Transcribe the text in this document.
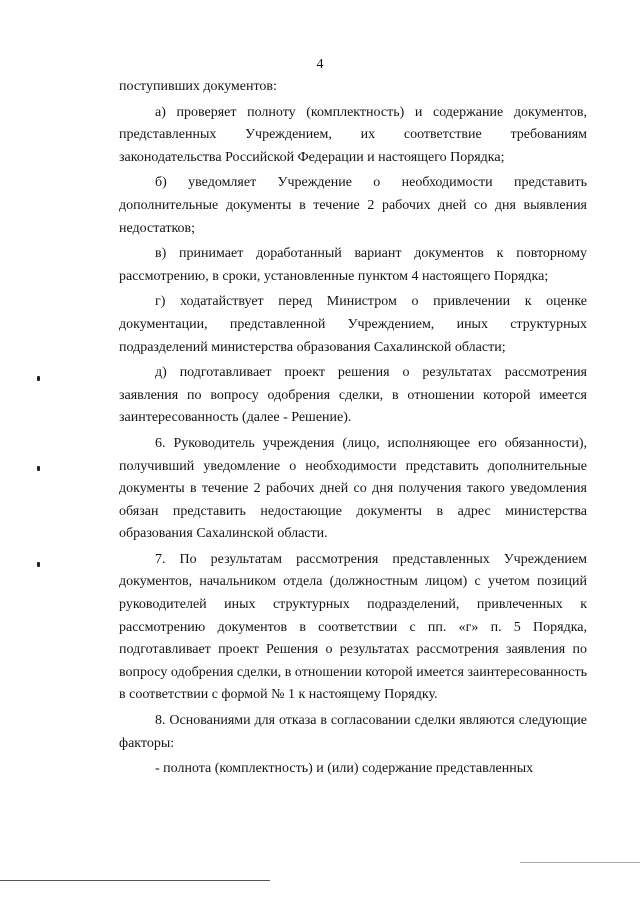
4

поступивших документов:

а) проверяет полноту (комплектность) и содержание документов, представленных Учреждением, их соответствие требованиям законодательства Российской Федерации и настоящего Порядка;

б) уведомляет Учреждение о необходимости представить дополнительные документы в течение 2 рабочих дней со дня выявления недостатков;

в) принимает доработанный вариант документов к повторному рассмотрению, в сроки, установленные пунктом 4 настоящего Порядка;

г) ходатайствует перед Министром о привлечении к оценке документации, представленной Учреждением, иных структурных подразделений министерства образования Сахалинской области;

д) подготавливает проект решения о результатах рассмотрения заявления по вопросу одобрения сделки, в отношении которой имеется заинтересованность (далее - Решение).

6. Руководитель учреждения (лицо, исполняющее его обязанности), получивший уведомление о необходимости представить дополнительные документы в течение 2 рабочих дней со дня получения такого уведомления обязан представить недостающие документы в адрес министерства образования Сахалинской области.

7. По результатам рассмотрения представленных Учреждением документов, начальником отдела (должностным лицом) с учетом позиций руководителей иных структурных подразделений, привлеченных к рассмотрению документов в соответствии с пп. «г» п. 5 Порядка, подготавливает проект Решения о результатах рассмотрения заявления по вопросу одобрения сделки, в отношении которой имеется заинтересованность в соответствии с формой № 1 к настоящему Порядку.

8. Основаниями для отказа в согласовании сделки являются следующие факторы:

- полнота (комплектность) и (или) содержание представленных
